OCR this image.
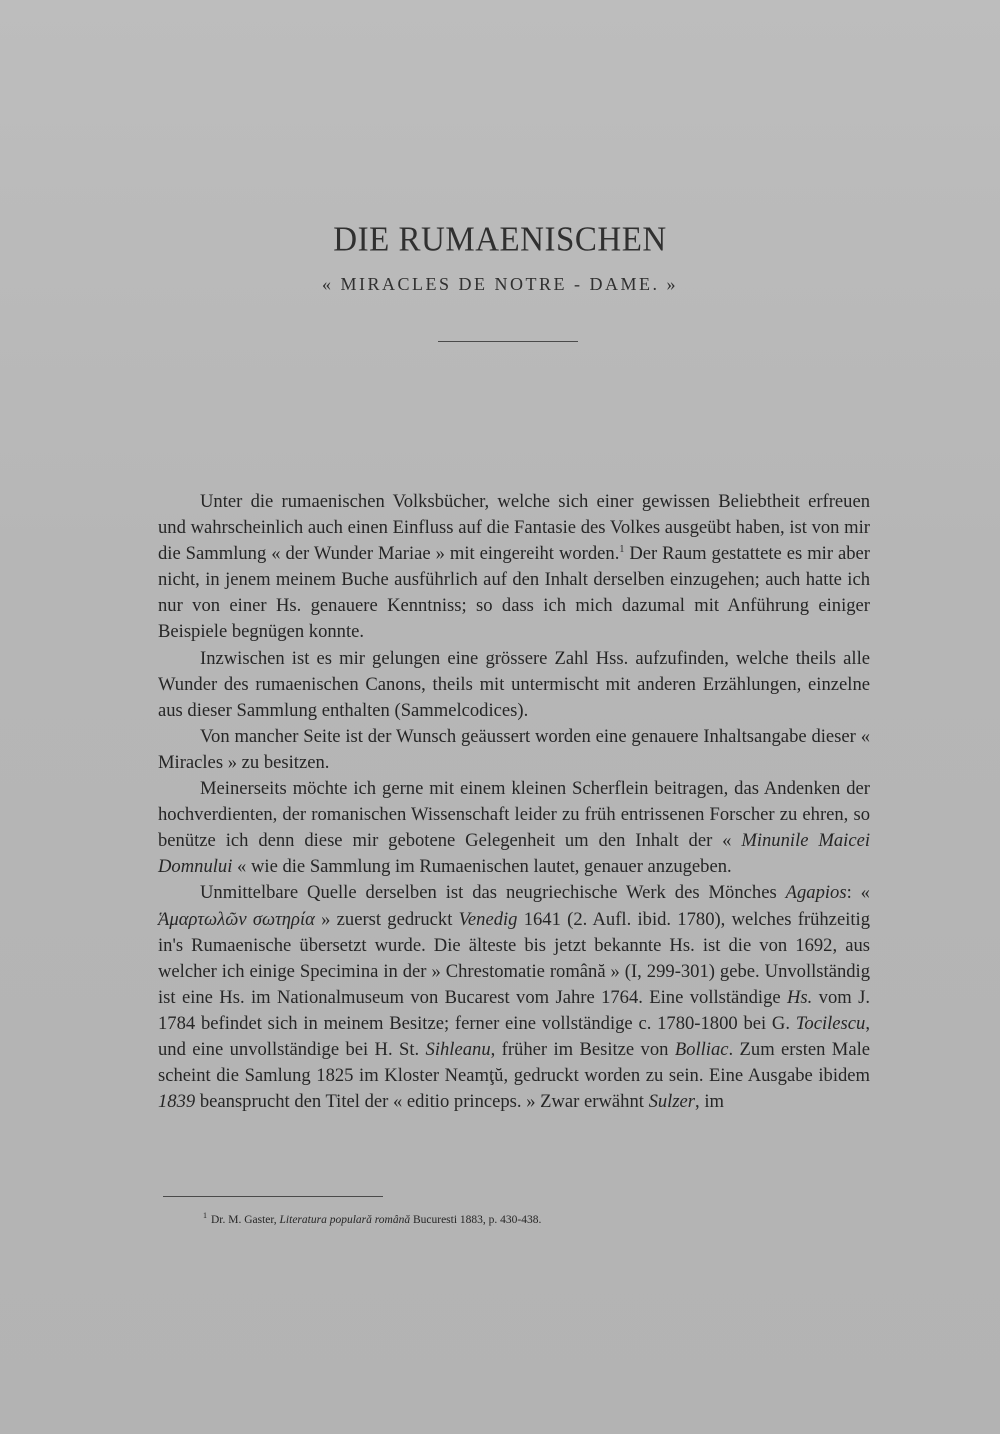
DIE RUMAENISCHEN
« MIRACLES DE NOTRE - DAME. »

Unter die rumaenischen Volksbücher, welche sich einer gewissen Beliebtheit erfreuen und wahrscheinlich auch einen Einfluss auf die Fantasie des Volkes ausgeübt haben, ist von mir die Sammlung « der Wunder Mariae » mit eingereiht worden.$^1$ Der Raum gestattete es mir aber nicht, in jenem meinem Buche ausführlich auf den Inhalt derselben einzugehen; auch hatte ich nur von einer Hs. genauere Kenntniss; so dass ich mich dazumal mit Anführung einiger Beispiele begnügen konnte.

Inzwischen ist es mir gelungen eine grössere Zahl Hss. aufzufinden, welche theils alle Wunder des rumaenischen Canons, theils mit untermischt mit anderen Erzählungen, einzelne aus dieser Sammlung enthalten (Sammelcodices).

Von mancher Seite ist der Wunsch geäussert worden eine genauere Inhaltsangabe dieser « Miracles » zu besitzen.

Meinerseits möchte ich gerne mit einem kleinen Scherflein beitragen, das Andenken der hochverdienten, der romanischen Wissenschaft leider zu früh entrissenen Forscher zu ehren, so benütze ich denn diese mir gebotene Gelegenheit um den Inhalt der « Minunile Maicei Domnului « wie die Sammlung im Rumaenischen lautet, genauer anzugeben.

Unmittelbare Quelle derselben ist das neugriechische Werk des Mönches Agapios: « Ἁμαρτωλῶν σωτηρία » zuerst gedruckt Venedig 1641 (2. Aufl. ibid. 1780), welches frühzeitig in's Rumaenische übersetzt wurde. Die älteste bis jetzt bekannte Hs. ist die von 1692, aus welcher ich einige Specimina in der » Chrestomatie română » (I, 299-301) gebe. Unvollständig ist eine Hs. im Nationalmuseum von Bucarest vom Jahre 1764. Eine vollständige Hs. vom J. 1784 befindet sich in meinem Besitze; ferner eine vollständige c. 1780-1800 bei G. Tocilescu, und eine unvollständige bei H. St. Sihleanu, früher im Besitze von Bolliac. Zum ersten Male scheint die Samlung 1825 im Kloster Neamţŭ, gedruckt worden zu sein. Eine Ausgabe ibidem 1839 beansprucht den Titel der « editio princeps. » Zwar erwähnt Sulzer, im

$^1$ Dr. M. Gaster, Literatura populară română Bucuresti 1883, p. 430-438.
